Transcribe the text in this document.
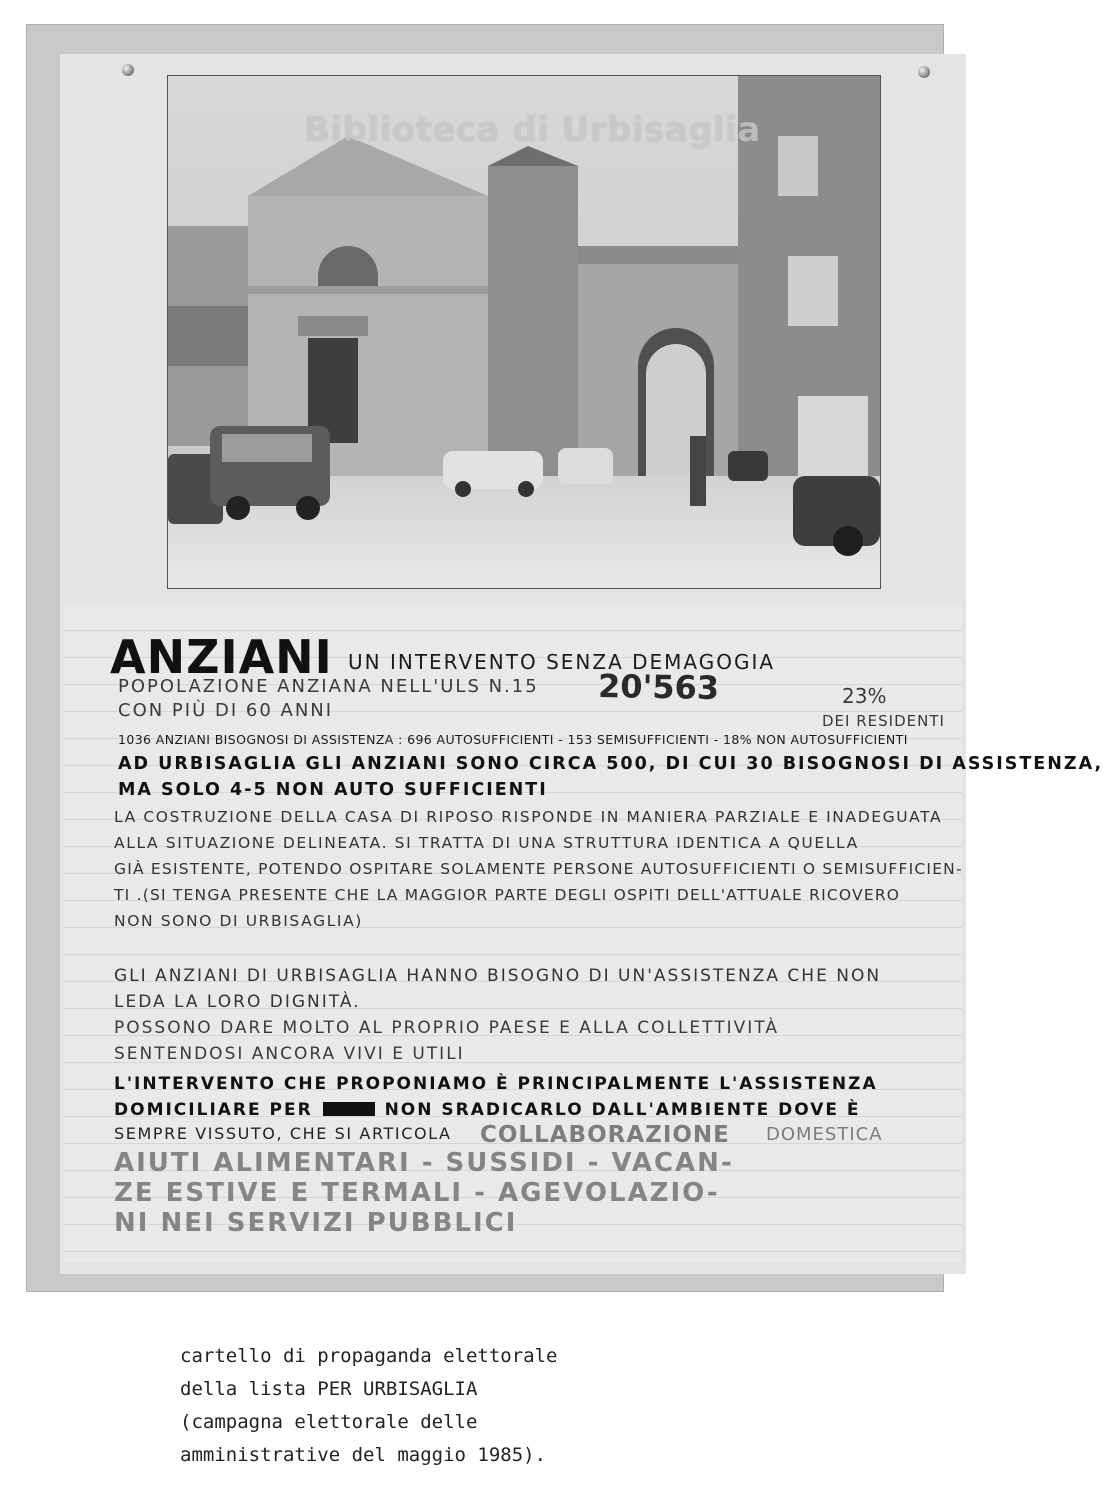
Biblioteca di Urbisaglia
ANZIANI UN INTERVENTO SENZA DEMAGOGIA
POPOLAZIONE ANZIANA NELL'ULS N.15
CON PIÙ DI 60 ANNI
20'563	23%
DEI RESIDENTI
1036 ANZIANI BISOGNOSI DI ASSISTENZA : 696 AUTOSUFFICIENTI - 153 SEMISUFFICIENTI - 18% NON AUTOSUFFICIENTI
AD URBISAGLIA GLI ANZIANI SONO CIRCA 500, DI CUI 30 BISOGNOSI DI ASSISTENZA,
MA SOLO 4-5 NON AUTO SUFFICIENTI
LA COSTRUZIONE DELLA CASA DI RIPOSO RISPONDE IN MANIERA PARZIALE E INADEGUATA
ALLA SITUAZIONE DELINEATA. SI TRATTA DI UNA STRUTTURA IDENTICA A QUELLA
GIÀ ESISTENTE, POTENDO OSPITARE SOLAMENTE PERSONE AUTOSUFFICIENTI O SEMISUFFICIEN-
TI .(SI TENGA PRESENTE CHE LA MAGGIOR PARTE DEGLI OSPITI DELL'ATTUALE RICOVERO
NON SONO DI URBISAGLIA)
GLI ANZIANI DI URBISAGLIA HANNO BISOGNO DI UN'ASSISTENZA CHE NON
LEDA LA LORO DIGNITÀ.
POSSONO DARE MOLTO AL PROPRIO PAESE E ALLA COLLETTIVITÀ
SENTENDOSI ANCORA VIVI E UTILI
L'INTERVENTO CHE PROPONIAMO È PRINCIPALMENTE L'ASSISTENZA
DOMICILIARE PER	NON SRADICARLO DALL'AMBIENTE DOVE È
SEMPRE VISSUTO, CHE SI ARTICOLA COLLABORAZIONE DOMESTICA
AIUTI ALIMENTARI - SUSSIDI - VACAN-
ZE ESTIVE E TERMALI - AGEVOLAZIO-
NI NEI SERVIZI PUBBLICI
cartello di propaganda elettorale
della lista PER URBISAGLIA
(campagna elettorale delle
amministrative del maggio 1985).
